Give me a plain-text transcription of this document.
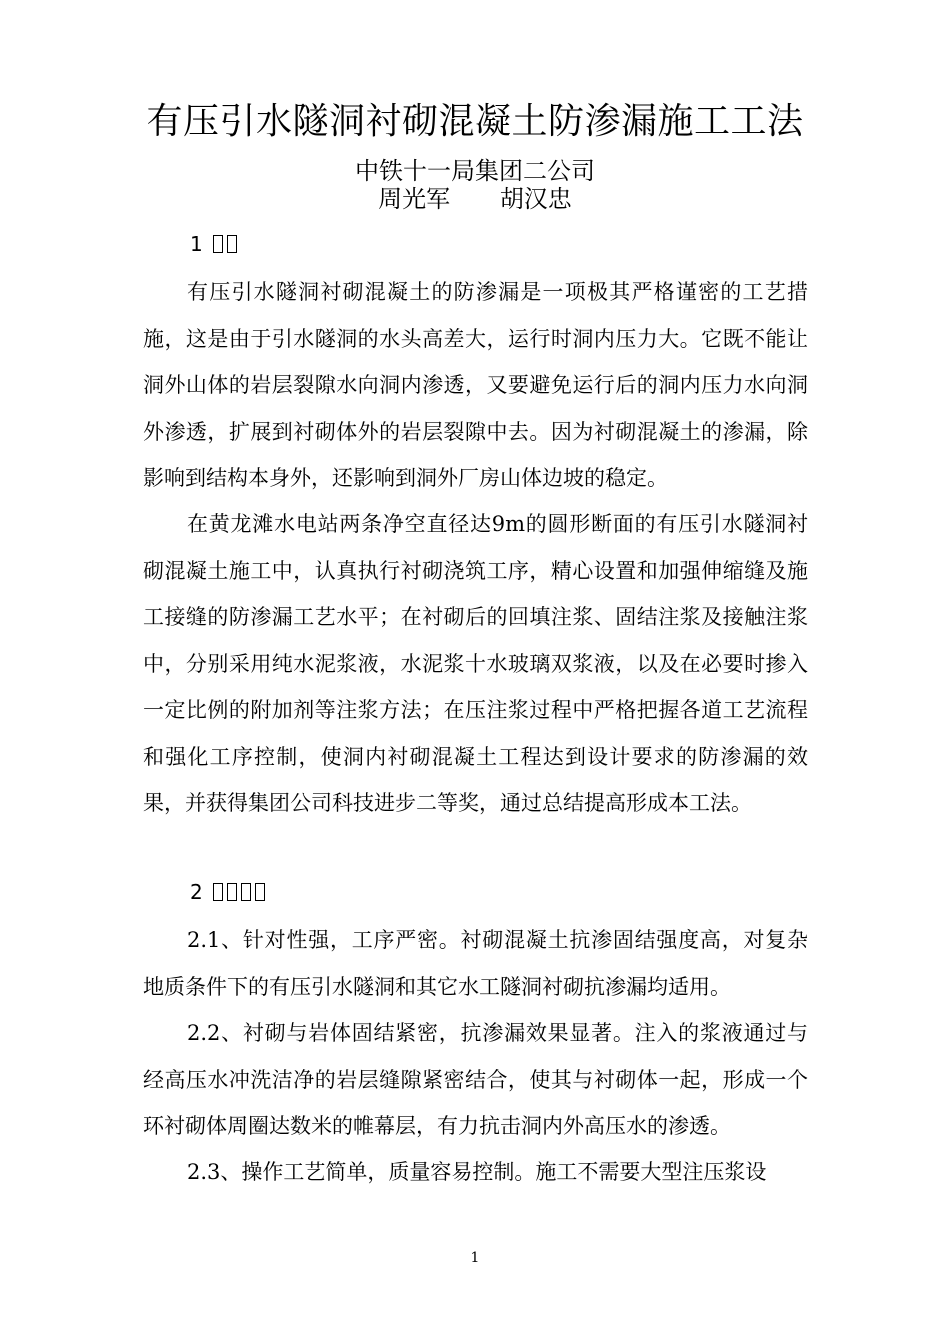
有压引水隧洞衬砌混凝土防渗漏施工工法

中铁十一局集团二公司

周光军 胡汉忠

1

有压引水隧洞衬砌混凝土的防渗漏是一项极其严格谨密的工艺措施，这是由于引水隧洞的水头高差大，运行时洞内压力大。它既不能让洞外山体的岩层裂隙水向洞内渗透，又要避免运行后的洞内压力水向洞外渗透，扩展到衬砌体外的岩层裂隙中去。因为衬砌混凝土的渗漏，除影响到结构本身外，还影响到洞外厂房山体边坡的稳定。

在黄龙滩水电站两条净空直径达9m的圆形断面的有压引水隧洞衬砌混凝土施工中，认真执行衬砌浇筑工序，精心设置和加强伸缩缝及施工接缝的防渗漏工艺水平；在衬砌后的回填注浆、固结注浆及接触注浆中，分别采用纯水泥浆液，水泥浆十水玻璃双浆液，以及在必要时掺入一定比例的附加剂等注浆方法；在压注浆过程中严格把握各道工艺流程和强化工序控制，使洞内衬砌混凝土工程达到设计要求的防渗漏的效果，并获得集团公司科技进步二等奖，通过总结提高形成本工法。

2

2.1、针对性强，工序严密。衬砌混凝土抗渗固结强度高，对复杂地质条件下的有压引水隧洞和其它水工隧洞衬砌抗渗漏均适用。

2.2、衬砌与岩体固结紧密，抗渗漏效果显著。注入的浆液通过与经高压水冲洗洁净的岩层缝隙紧密结合，使其与衬砌体一起，形成一个环衬砌体周圈达数米的帷幕层，有力抗击洞内外高压水的渗透。

2.3、操作工艺简单，质量容易控制。施工不需要大型注压浆设

1
